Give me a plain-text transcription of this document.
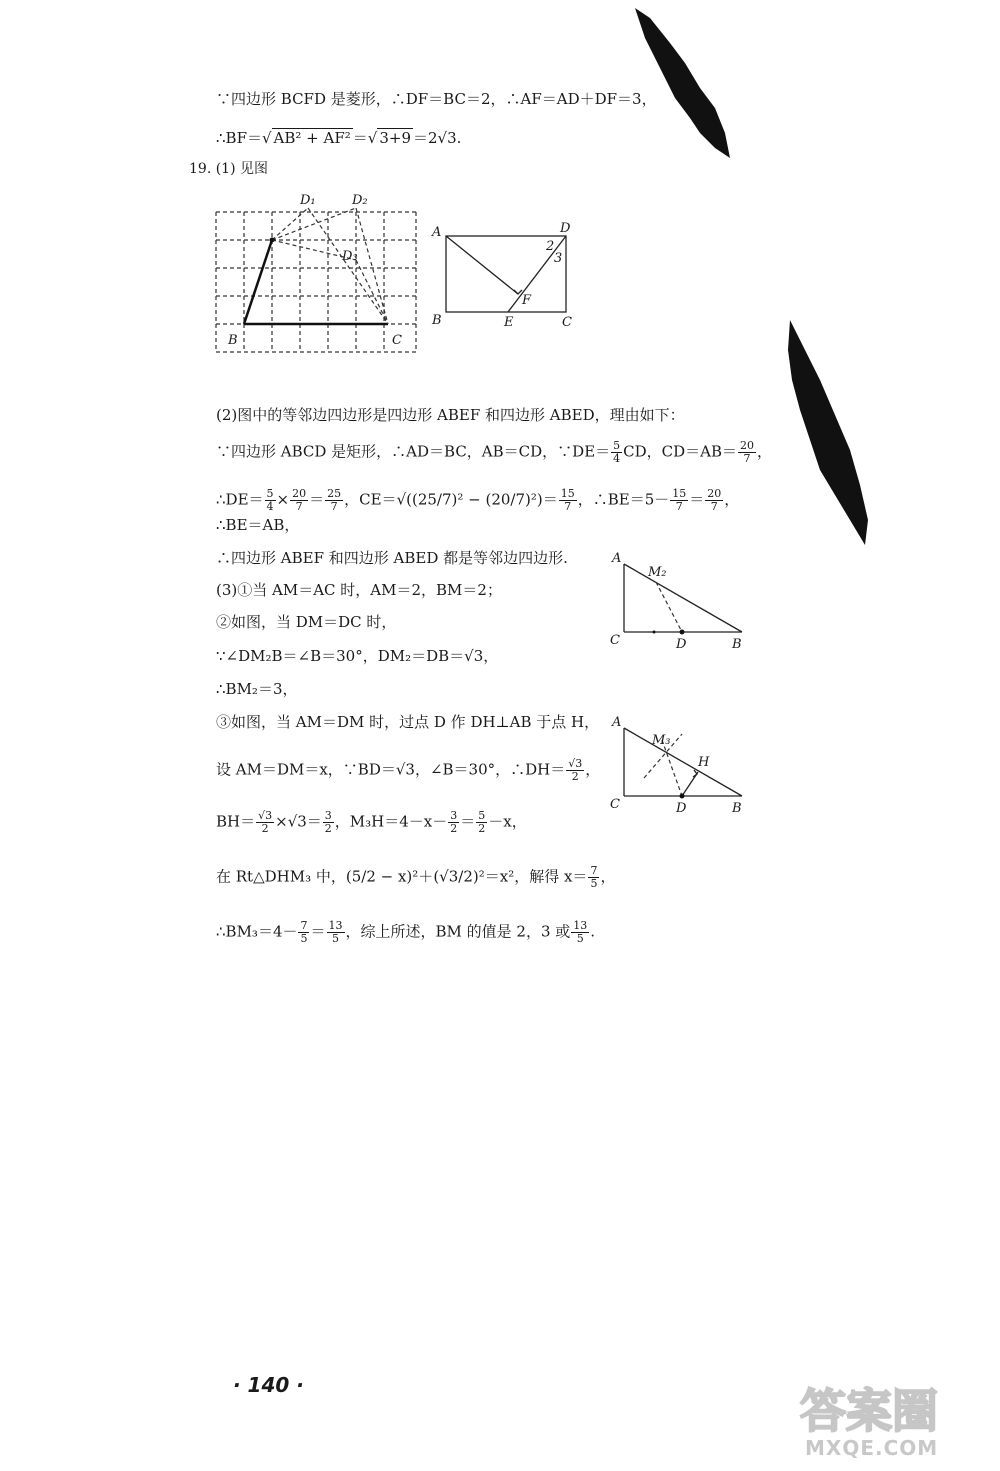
∵四边形 BCFD 是菱形，∴DF＝BC＝2，∴AF＝AD＋DF＝3，
∴BF＝√ AB² + AF² ＝√ 3+9 ＝2√3.
19. (1) 见图
D₁	D₂
D₃
B	C
A	D
B	E	C
F
2
3
(2)图中的等邻边四边形是四边形 ABEF 和四边形 ABED，理由如下：
∵四边形 ABCD 是矩形，∴AD＝BC，AB＝CD，∵DE＝ $\frac{5}{4}$ CD，$CD=AB= \frac{20}{7}$ ，
∴DE＝ $\frac{5}{4} \times \frac{20}{7} = \frac{25}{7}$ ，$CE=√((25/7)^2 - (20/7)^2)= \frac{15}{7}$ ，∴BE＝5－ $\frac{15}{7} = \frac{20}{7}$ ，
∴BE＝AB，
∴四边形 ABEF 和四边形 ABED 都是等邻边四边形.
(3)①当 AM＝AC 时，AM＝2，BM＝2；
②如图，当 DM＝DC 时，
∵∠DM₂B＝∠B＝30°，DM₂＝DB＝√3，
∴BM₂＝3，
③如图，当 AM＝DM 时，过点 D 作 DH⊥AB 于点 H，
A
M₂
C	D	B
A
M₃
H
C	D	B
设 AM＝DM＝x，∵BD＝√3，∠B＝30°，∴DH＝ $\frac{√3}{2}$ ，
$BH= \frac{√3}{2} \times√3= \frac{3}{2}$ ，$M_3H=4-x- \frac{3}{2} = \frac{5}{2} -x$，
在 Rt△DHM₃ 中，(5/2 − x)²＋(√3/2)²＝x²，解得 $x= \frac{7}{5}$ ，
∴BM₃＝4－ $\frac{7}{5} = \frac{13}{5}$ ，综上所述，BM 的值是 2，3 或 $\frac{13}{5}$ .
· 140 ·	答案圈
MXQE.COM
